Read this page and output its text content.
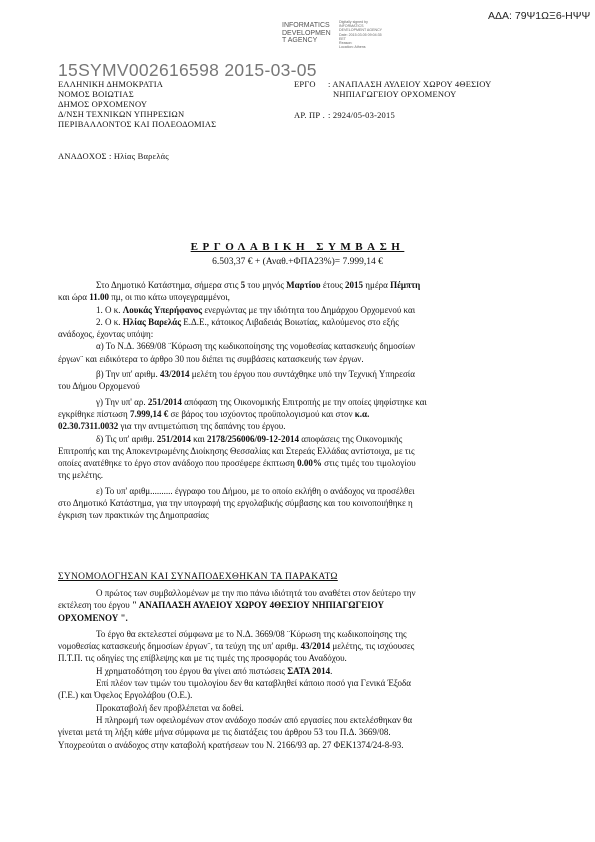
ΑΔΑ: 79Ψ1ΩΞ6-ΗΨΨ
INFORMATICS
DEVELOPMEN
T AGENCY
Digitally signed by
INFORMATICS
DEVELOPMENT AGENCY
Date: 2015.03.05 09:04:35
EET
Reason:
Location: Athens
15SYMV002616598 2015-03-05
ΕΛΛΗΝΙΚΗ ΔΗΜΟΚΡΑΤΙΑ
ΝΟΜΟΣ ΒΟΙΩΤΙΑΣ
ΔΗΜΟΣ ΟΡΧΟΜΕΝΟΥ
Δ/ΝΣΗ ΤΕΧΝΙΚΩΝ ΥΠΗΡΕΣΙΩΝ
ΠΕΡΙΒΑΛΛΟΝΤΟΣ ΚΑΙ ΠΟΛΕΟΔΟΜΙΑΣ
ΕΡΓΟ : ΑΝΑΠΛΑΣΗ ΑΥΛΕΙΟΥ ΧΩΡΟΥ 4ΘΕΣΙΟΥ
ΝΗΠΙΑΓΩΓΕΙΟΥ ΟΡΧΟΜΕΝΟΥ
ΑΡ. ΠΡ . : 2924/05-03-2015
ΑΝΑΔΟΧΟΣ : Ηλίας Βαρελάς
ΕΡΓΟΛΑΒΙΚΗ ΣΥΜΒΑΣΗ
6.503,37 € + (Αναθ.+ΦΠΑ23%)= 7.999,14 €
Στο Δημοτικό Κατάστημα, σήμερα στις 5 του μηνός Μαρτίου έτους 2015 ημέρα Πέμπτη
και ώρα 11.00 πμ, οι πιο κάτω υπογεγραμμένοι,
1. Ο κ. Λουκάς Υπερήφανος ενεργώντας με την ιδιότητα του Δημάρχου Ορχομενού και
2. Ο κ. Ηλίας Βαρελάς Ε.Δ.Ε., κάτοικος Λιβαδειάς Βοιωτίας, καλούμενος στο εξής
ανάδοχος, έχοντας υπόψη:
α) Το Ν.Δ. 3669/08 ¨Κύρωση της κωδικοποίησης της νομοθεσίας κατασκευής δημοσίων
έργων¨ και ειδικότερα το άρθρο 30 που διέπει τις συμβάσεις κατασκευής των έργων.
β) Την υπ' αριθμ. 43/2014 μελέτη του έργου που συντάχθηκε υπό την Τεχνική Υπηρεσία
του Δήμου Ορχομενού
γ) Την υπ' αρ. 251/2014 απόφαση της Οικονομικής Επιτροπής με την οποίες ψηφίστηκε και
εγκρίθηκε πίστωση 7.999,14 € σε βάρος του ισχύοντος προϋπολογισμού και στον κ.α.
02.30.7311.0032 για την αντιμετώπιση της δαπάνης του έργου.
δ) Τις υπ' αριθμ. 251/2014 και 2178/256006/09-12-2014 αποφάσεις της Οικονομικής
Επιτροπής και της Αποκεντρωμένης Διοίκησης Θεσσαλίας και Στερεάς Ελλάδας αντίστοιχα, με τις
οποίες ανατέθηκε το έργο στον ανάδοχο που προσέφερε έκπτωση 0.00% στις τιμές του τιμολογίου
της μελέτης.
ε) Το υπ' αριθμ.......... έγγραφο του Δήμου, με το οποίο εκλήθη ο ανάδοχος να προσέλθει
στο Δημοτικό Κατάστημα, για την υπογραφή της εργολαβικής σύμβασης και του κοινοποιήθηκε η
έγκριση των πρακτικών της Δημοπρασίας
ΣΥΝΟΜΟΛΟΓΗΣΑΝ ΚΑΙ ΣΥΝΑΠΟΔΕΧΘΗΚΑΝ ΤΑ ΠΑΡΑΚΑΤΩ
Ο πρώτος των συμβαλλομένων με την πιο πάνω ιδιότητά του αναθέτει στον δεύτερο την
εκτέλεση του έργου " ΑΝΑΠΛΑΣΗ ΑΥΛΕΙΟΥ ΧΩΡΟΥ 4ΘΕΣΙΟΥ ΝΗΠΙΑΓΩΓΕΙΟΥ
ΟΡΧΟΜΕΝΟΥ ".
Το έργο θα εκτελεστεί σύμφωνα με το Ν.Δ. 3669/08 ¨Κύρωση της κωδικοποίησης της
νομοθεσίας κατασκευής δημοσίων έργων¨, τα τεύχη της υπ' αριθμ. 43/2014 μελέτης, τις ισχύουσες
Π.Τ.Π. τις οδηγίες της επίβλεψης και με τις τιμές της προσφοράς του Αναδόχου.
Η χρηματοδότηση του έργου θα γίνει από πιστώσεις ΣΑΤΑ 2014.
Επί πλέον των τιμών του τιμολογίου δεν θα καταβληθεί κάποιο ποσό για Γενικά Έξοδα
(Γ.Ε.) και Όφελος Εργολάβου (Ο.Ε.).
Προκαταβολή δεν προβλέπεται να δοθεί.
Η πληρωμή των οφειλομένων στον ανάδοχο ποσών από εργασίες που εκτελέσθηκαν θα
γίνεται μετά τη λήξη κάθε μήνα σύμφωνα με τις διατάξεις του άρθρου 53 του Π.Δ. 3669/08.
Υποχρεούται ο ανάδοχος στην καταβολή κρατήσεων του Ν. 2166/93 αρ. 27 ΦΕΚ1374/24-8-93.
